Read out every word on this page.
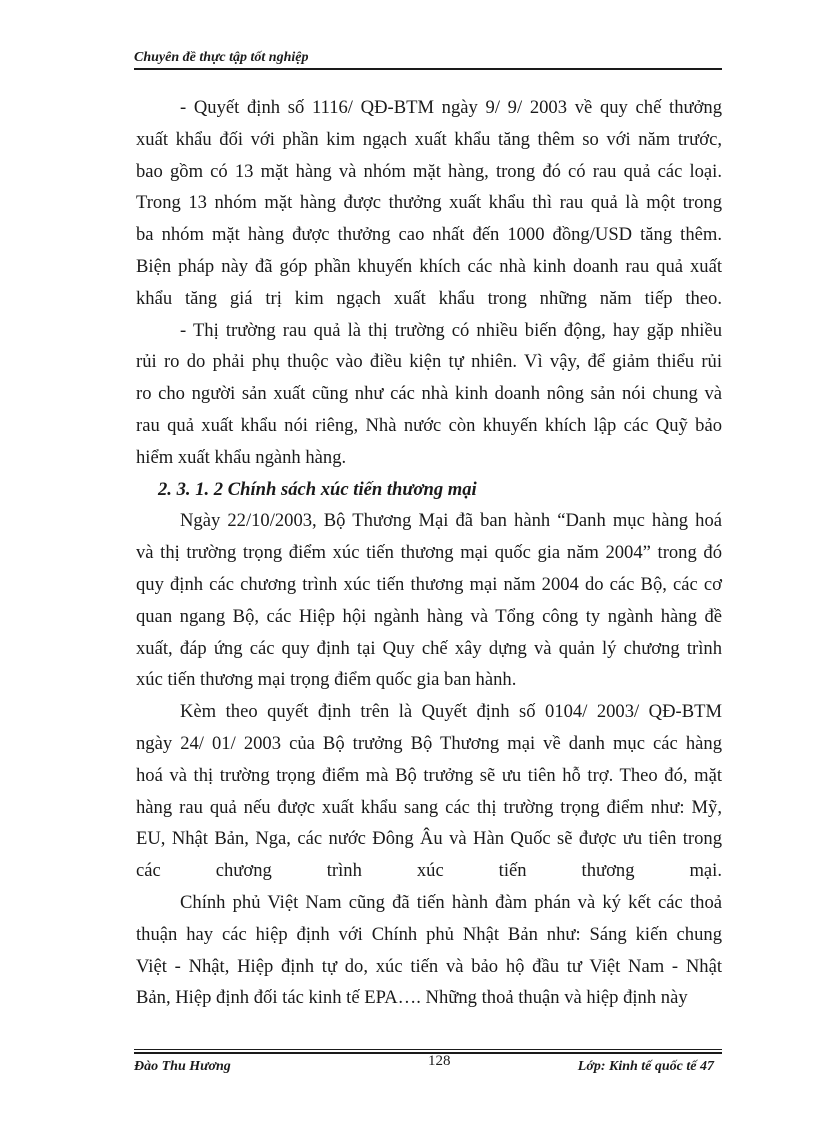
Chuyên đề thực tập tốt nghiệp
- Quyết định số 1116/ QĐ-BTM ngày 9/ 9/ 2003 về quy chế thưởng
xuất khẩu đối với phần kim ngạch xuất khẩu tăng thêm so với năm trước,
bao gồm có 13 mặt hàng và nhóm mặt hàng, trong đó có rau quả các loại.
Trong 13 nhóm mặt hàng được thưởng xuất khẩu thì rau quả là một trong
ba nhóm mặt hàng được thưởng cao nhất đến 1000 đồng/USD tăng thêm.
Biện pháp này đã góp phần khuyến khích các nhà kinh doanh rau quả xuất
khẩu tăng giá trị kim ngạch xuất khẩu trong những năm tiếp theo.
- Thị trường rau quả là thị trường có nhiều biến động, hay gặp nhiều
rủi ro do phải phụ thuộc vào điều kiện tự nhiên. Vì vậy, để giảm thiểu rủi
ro cho người sản xuất cũng như các nhà kinh doanh nông sản nói chung và
rau quả xuất khẩu nói riêng, Nhà nước còn khuyến khích lập các Quỹ bảo
hiểm xuất khẩu ngành hàng.
2. 3. 1. 2 Chính sách xúc tiến thương mại
Ngày 22/10/2003, Bộ Thương Mại đã ban hành “Danh mục hàng hoá
và thị trường trọng điểm xúc tiến thương mại quốc gia năm 2004” trong đó
quy định các chương trình xúc tiến thương mại năm 2004 do các Bộ, các cơ
quan ngang Bộ, các Hiệp hội ngành hàng và Tổng công ty ngành hàng đề
xuất, đáp ứng các quy định tại Quy chế xây dựng và quản lý chương trình
xúc tiến thương mại trọng điểm quốc gia ban hành.
Kèm theo quyết định trên là Quyết định số 0104/ 2003/ QĐ-BTM
ngày 24/ 01/ 2003 của Bộ trưởng Bộ Thương mại về danh mục các hàng
hoá và thị trường trọng điểm mà Bộ trưởng sẽ ưu tiên hỗ trợ. Theo đó, mặt
hàng rau quả nếu được xuất khẩu sang các thị trường trọng điểm như: Mỹ,
EU, Nhật Bản, Nga, các nước Đông Âu và Hàn Quốc sẽ được ưu tiên trong
các chương trình xúc tiến thương mại.
Chính phủ Việt Nam cũng đã tiến hành đàm phán và ký kết các thoả
thuận hay các hiệp định với Chính phủ Nhật Bản như: Sáng kiến chung
Việt - Nhật, Hiệp định tự do, xúc tiến và bảo hộ đầu tư Việt Nam - Nhật
Bản, Hiệp định đối tác kinh tế EPA…. Những thoả thuận và hiệp định này
Đào Thu Hương	128	Lớp: Kinh tế quốc tế 47
